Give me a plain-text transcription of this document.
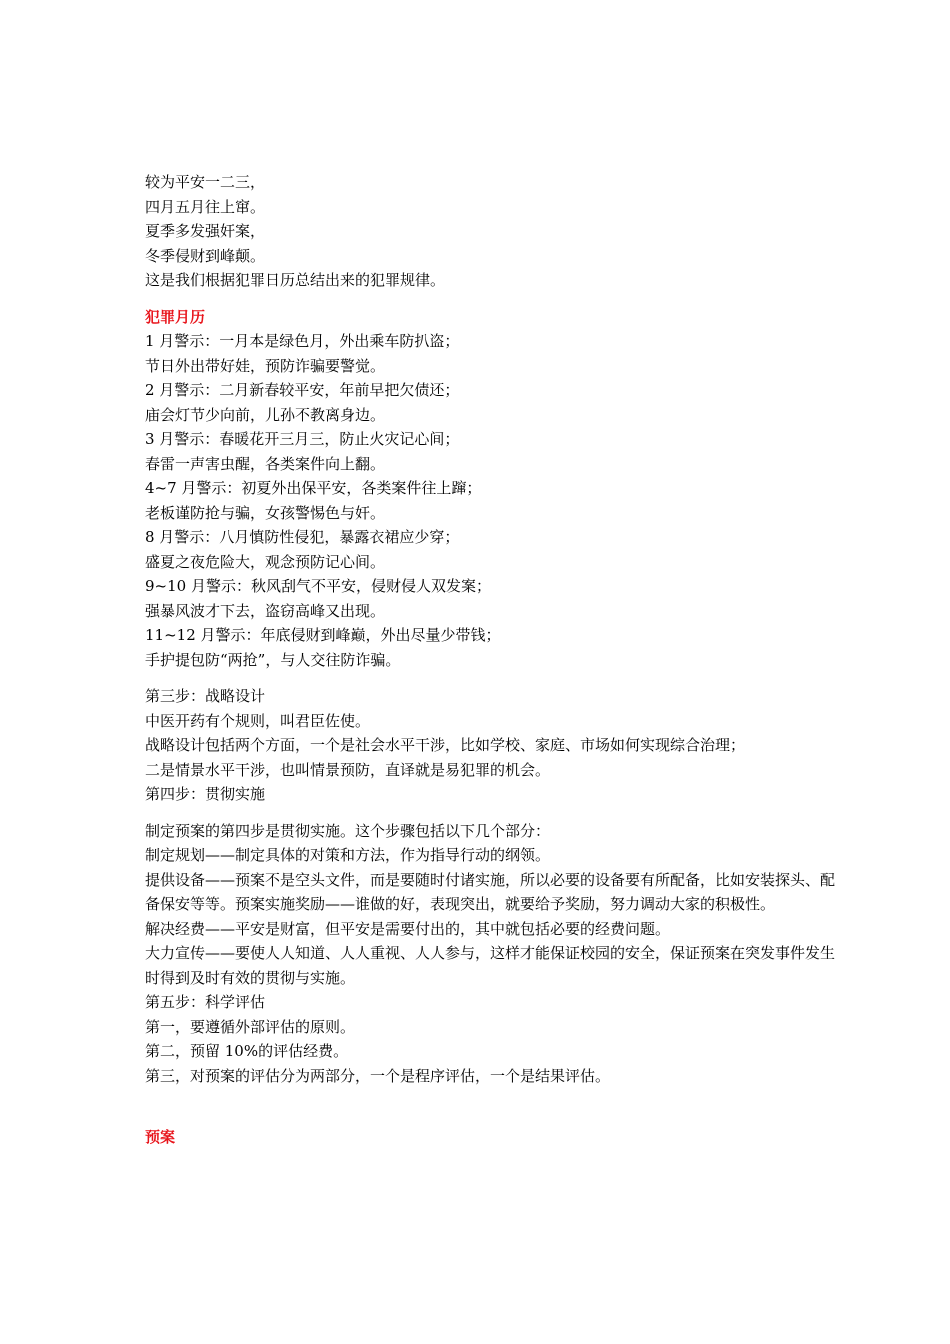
较为平安一二三，
四月五月往上窜。
夏季多发强奸案，
冬季侵财到峰颠。
这是我们根据犯罪日历总结出来的犯罪规律。
犯罪月历
1 月警示：一月本是绿色月，外出乘车防扒盗；
节日外出带好娃，预防诈骗要警觉。
2 月警示：二月新春较平安，年前早把欠债还；
庙会灯节少向前，儿孙不教离身边。
3 月警示：春暖花开三月三，防止火灾记心间；
春雷一声害虫醒，各类案件向上翻。
4~7 月警示：初夏外出保平安，各类案件往上蹿；
老板谨防抢与骗，女孩警惕色与奸。
8 月警示：八月慎防性侵犯，暴露衣裙应少穿；
盛夏之夜危险大，观念预防记心间。
9~10 月警示：秋风刮气不平安，侵财侵人双发案；
强暴风波才下去，盗窃高峰又出现。
11~12 月警示：年底侵财到峰巅，外出尽量少带钱；
手护提包防“两抢”，与人交往防诈骗。
第三步：战略设计
中医开药有个规则，叫君臣佐使。
战略设计包括两个方面，一个是社会水平干涉，比如学校、家庭、市场如何实现综合治理；
二是情景水平干涉，也叫情景预防，直译就是易犯罪的机会。
第四步：贯彻实施
制定预案的第四步是贯彻实施。这个步骤包括以下几个部分：
制定规划——制定具体的对策和方法，作为指导行动的纲领。
提供设备——预案不是空头文件，而是要随时付诸实施，所以必要的设备要有所配备，比如安装探头、配备保安等等。预案实施奖励——谁做的好，表现突出，就要给予奖励，努力调动大家的积极性。
解决经费——平安是财富，但平安是需要付出的，其中就包括必要的经费问题。
大力宣传——要使人人知道、人人重视、人人参与，这样才能保证校园的安全，保证预案在突发事件发生时得到及时有效的贯彻与实施。
第五步：科学评估
第一，要遵循外部评估的原则。
第二，预留 10%的评估经费。
第三，对预案的评估分为两部分，一个是程序评估，一个是结果评估。
预案
